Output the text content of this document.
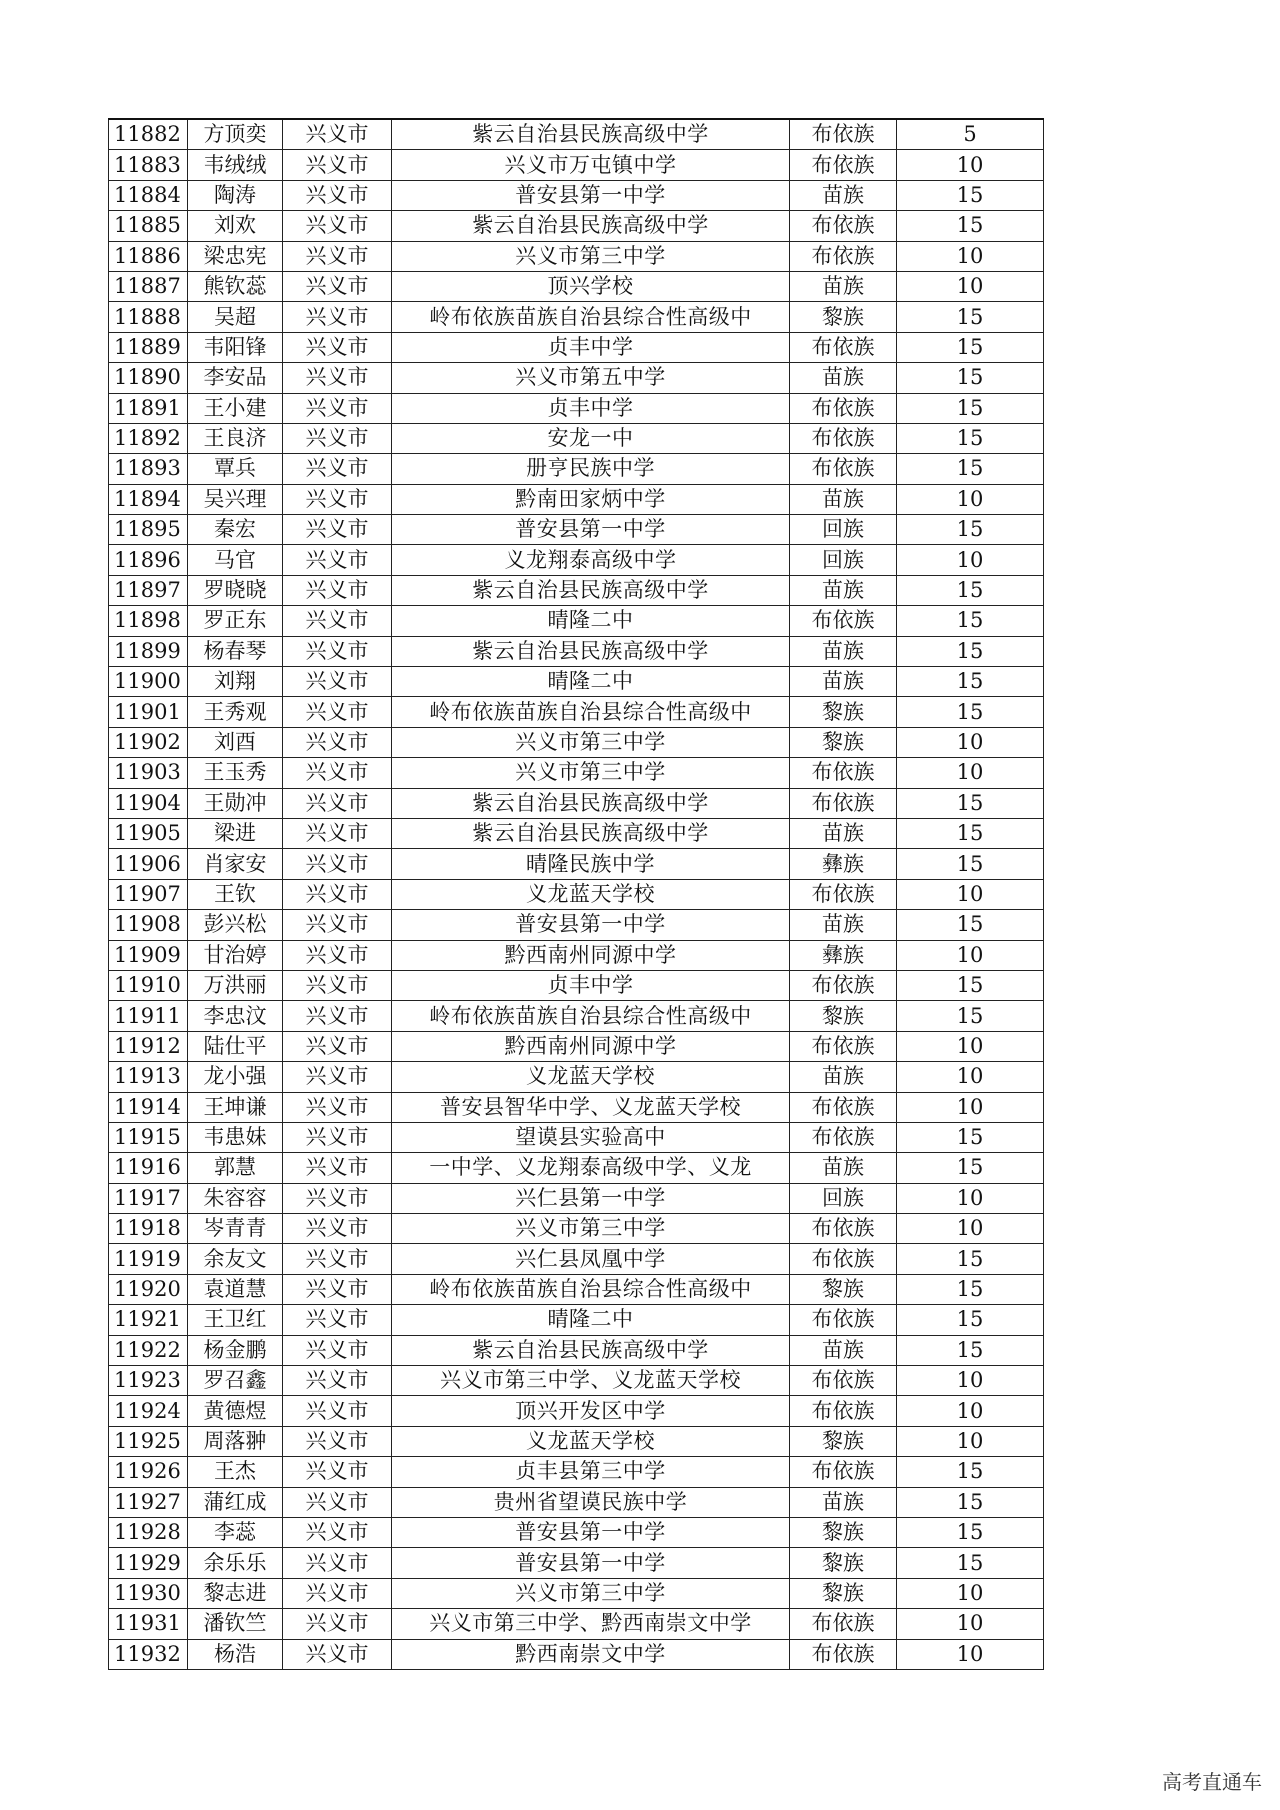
11882	方顶奕	兴义市	紫云自治县民族高级中学	布依族	5
11883	韦绒绒	兴义市	兴义市万屯镇中学	布依族	10
11884	陶涛	兴义市	普安县第一中学	苗族	15
11885	刘欢	兴义市	紫云自治县民族高级中学	布依族	15
11886	梁忠宪	兴义市	兴义市第三中学	布依族	10
11887	熊钦蕊	兴义市	顶兴学校	苗族	10
11888	吴超	兴义市	岭布依族苗族自治县综合性高级中	黎族	15
11889	韦阳锋	兴义市	贞丰中学	布依族	15
11890	李安品	兴义市	兴义市第五中学	苗族	15
11891	王小建	兴义市	贞丰中学	布依族	15
11892	王良济	兴义市	安龙一中	布依族	15
11893	覃兵	兴义市	册亨民族中学	布依族	15
11894	吴兴理	兴义市	黔南田家炳中学	苗族	10
11895	秦宏	兴义市	普安县第一中学	回族	15
11896	马官	兴义市	义龙翔泰高级中学	回族	10
11897	罗晓晓	兴义市	紫云自治县民族高级中学	苗族	15
11898	罗正东	兴义市	晴隆二中	布依族	15
11899	杨春琴	兴义市	紫云自治县民族高级中学	苗族	15
11900	刘翔	兴义市	晴隆二中	苗族	15
11901	王秀观	兴义市	岭布依族苗族自治县综合性高级中	黎族	15
11902	刘酉	兴义市	兴义市第三中学	黎族	10
11903	王玉秀	兴义市	兴义市第三中学	布依族	10
11904	王勋冲	兴义市	紫云自治县民族高级中学	布依族	15
11905	梁进	兴义市	紫云自治县民族高级中学	苗族	15
11906	肖家安	兴义市	晴隆民族中学	彝族	15
11907	王钦	兴义市	义龙蓝天学校	布依族	10
11908	彭兴松	兴义市	普安县第一中学	苗族	15
11909	甘治婷	兴义市	黔西南州同源中学	彝族	10
11910	万洪丽	兴义市	贞丰中学	布依族	15
11911	李忠汶	兴义市	岭布依族苗族自治县综合性高级中	黎族	15
11912	陆仕平	兴义市	黔西南州同源中学	布依族	10
11913	龙小强	兴义市	义龙蓝天学校	苗族	10
11914	王坤谦	兴义市	普安县智华中学、义龙蓝天学校	布依族	10
11915	韦患妹	兴义市	望谟县实验高中	布依族	15
11916	郭慧	兴义市	一中学、义龙翔泰高级中学、义龙	苗族	15
11917	朱容容	兴义市	兴仁县第一中学	回族	10
11918	岑青青	兴义市	兴义市第三中学	布依族	10
11919	余友文	兴义市	兴仁县凤凰中学	布依族	15
11920	袁道慧	兴义市	岭布依族苗族自治县综合性高级中	黎族	15
11921	王卫红	兴义市	晴隆二中	布依族	15
11922	杨金鹏	兴义市	紫云自治县民族高级中学	苗族	15
11923	罗召鑫	兴义市	兴义市第三中学、义龙蓝天学校	布依族	10
11924	黄德煜	兴义市	顶兴开发区中学	布依族	10
11925	周落翀	兴义市	义龙蓝天学校	黎族	10
11926	王杰	兴义市	贞丰县第三中学	布依族	15
11927	蒲红成	兴义市	贵州省望谟民族中学	苗族	15
11928	李蕊	兴义市	普安县第一中学	黎族	15
11929	余乐乐	兴义市	普安县第一中学	黎族	15
11930	黎志进	兴义市	兴义市第三中学	黎族	10
11931	潘钦竺	兴义市	兴义市第三中学、黔西南崇文中学	布依族	10
11932	杨浩	兴义市	黔西南崇文中学	布依族	10
高考直通车
